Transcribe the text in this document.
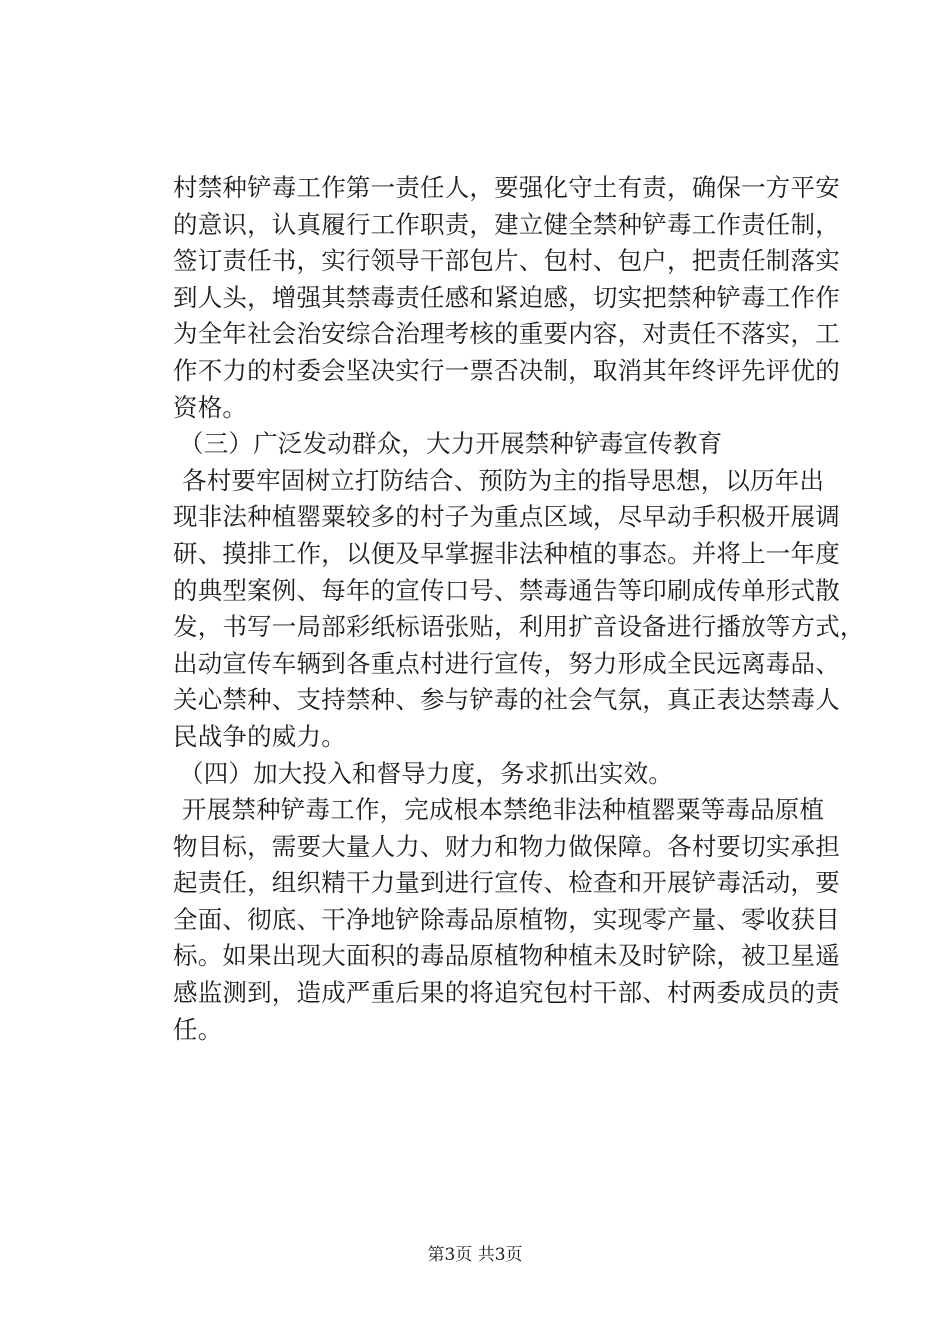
村禁种铲毒工作第一责任人，要强化守土有责，确保一方平安
的意识，认真履行工作职责，建立健全禁种铲毒工作责任制，
签订责任书，实行领导干部包片、包村、包户，把责任制落实
到人头，增强其禁毒责任感和紧迫感，切实把禁种铲毒工作作
为全年社会治安综合治理考核的重要内容，对责任不落实，工
作不力的村委会坚决实行一票否决制，取消其年终评先评优的
资格。
（三）广泛发动群众，大力开展禁种铲毒宣传教育
各村要牢固树立打防结合、预防为主的指导思想，以历年出
现非法种植罂粟较多的村子为重点区域，尽早动手积极开展调
研、摸排工作，以便及早掌握非法种植的事态。并将上一年度
的典型案例、每年的宣传口号、禁毒通告等印刷成传单形式散
发，书写一局部彩纸标语张贴，利用扩音设备进行播放等方式，
出动宣传车辆到各重点村进行宣传，努力形成全民远离毒品、
关心禁种、支持禁种、参与铲毒的社会气氛，真正表达禁毒人
民战争的威力。
（四）加大投入和督导力度，务求抓出实效。
开展禁种铲毒工作，完成根本禁绝非法种植罂粟等毒品原植
物目标，需要大量人力、财力和物力做保障。各村要切实承担
起责任，组织精干力量到进行宣传、检查和开展铲毒活动，要
全面、彻底、干净地铲除毒品原植物，实现零产量、零收获目
标。如果出现大面积的毒品原植物种植未及时铲除，被卫星遥
感监测到，造成严重后果的将追究包村干部、村两委成员的责
任。
第3页 共3页
